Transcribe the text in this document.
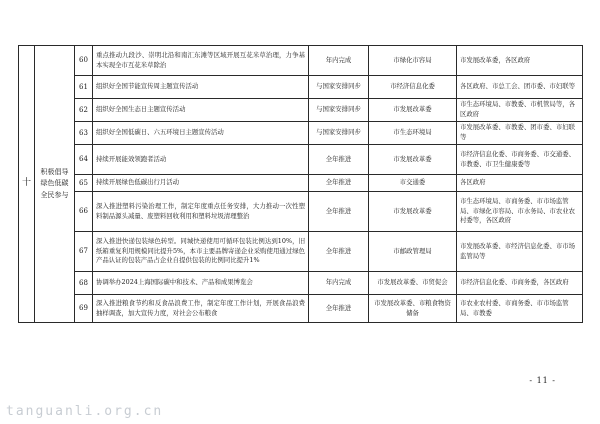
十	积极倡导绿色低碳全民参与	60	重点推动九段沙、崇明北沿和南汇东滩等区域开展互花米草治理，力争基本实现全市互花米草除治	年内完成	市绿化市容局	市发展改革委，各区政府
		61	组织好全国节能宣传周主题宣传活动	与国家安排同步	市经济信息化委	各区政府、市总工会、团市委、市妇联等
		62	组织好全国生态日主题宣传活动	与国家安排同步	市发展改革委	市生态环境局、市教委、市机管局等，各区政府
		63	组织好全国低碳日、六五环境日主题宣传活动	与国家安排同步	市生态环境局	市发展改革委、市教委、团市委、市妇联等
		64	持续开展能效领跑者活动	全年推进	市发展改革委	市经济信息化委、市商务委、市交通委、市教委、市卫生健康委等
		65	持续开展绿色低碳出行月活动	全年推进	市交通委	各区政府
		66	深入推进塑料污染治理工作，制定年度重点任务安排，大力推动一次性塑料制品源头减量、废塑料回收利用和塑料垃圾清理整治	全年推进	市发展改革委	市生态环境局、市商务委、市市场监管局、市绿化市容局、市水务局、市农业农村委等，各区政府
		67	深入推进快递包装绿色转型。同城快递使用可循环包装比例达到10%，旧纸箱重复利用规模同比提升5%，本市主要品牌寄递企业采购使用通过绿色产品认证的包装产品占企业自提供包装的比例同比提升1%	全年推进	市邮政管理局	市发展改革委、市经济信息化委、市市场监管局等
		68	协调举办2024上海国际碳中和技术、产品和成果博览会	年内完成	市发展改革委、市贸促会	市经济信息化委、市商务委，各区政府
		69	深入推进粮食节约和反食品浪费工作，制定年度工作计划，开展食品浪费抽样调查，加大宣传力度，对社会公布粮食	全年推进	市发展改革委、市粮食物资储备	市农业农村委、市商务委、市市场监管局、市教委
- 11 -
tanguanli.org.cn
